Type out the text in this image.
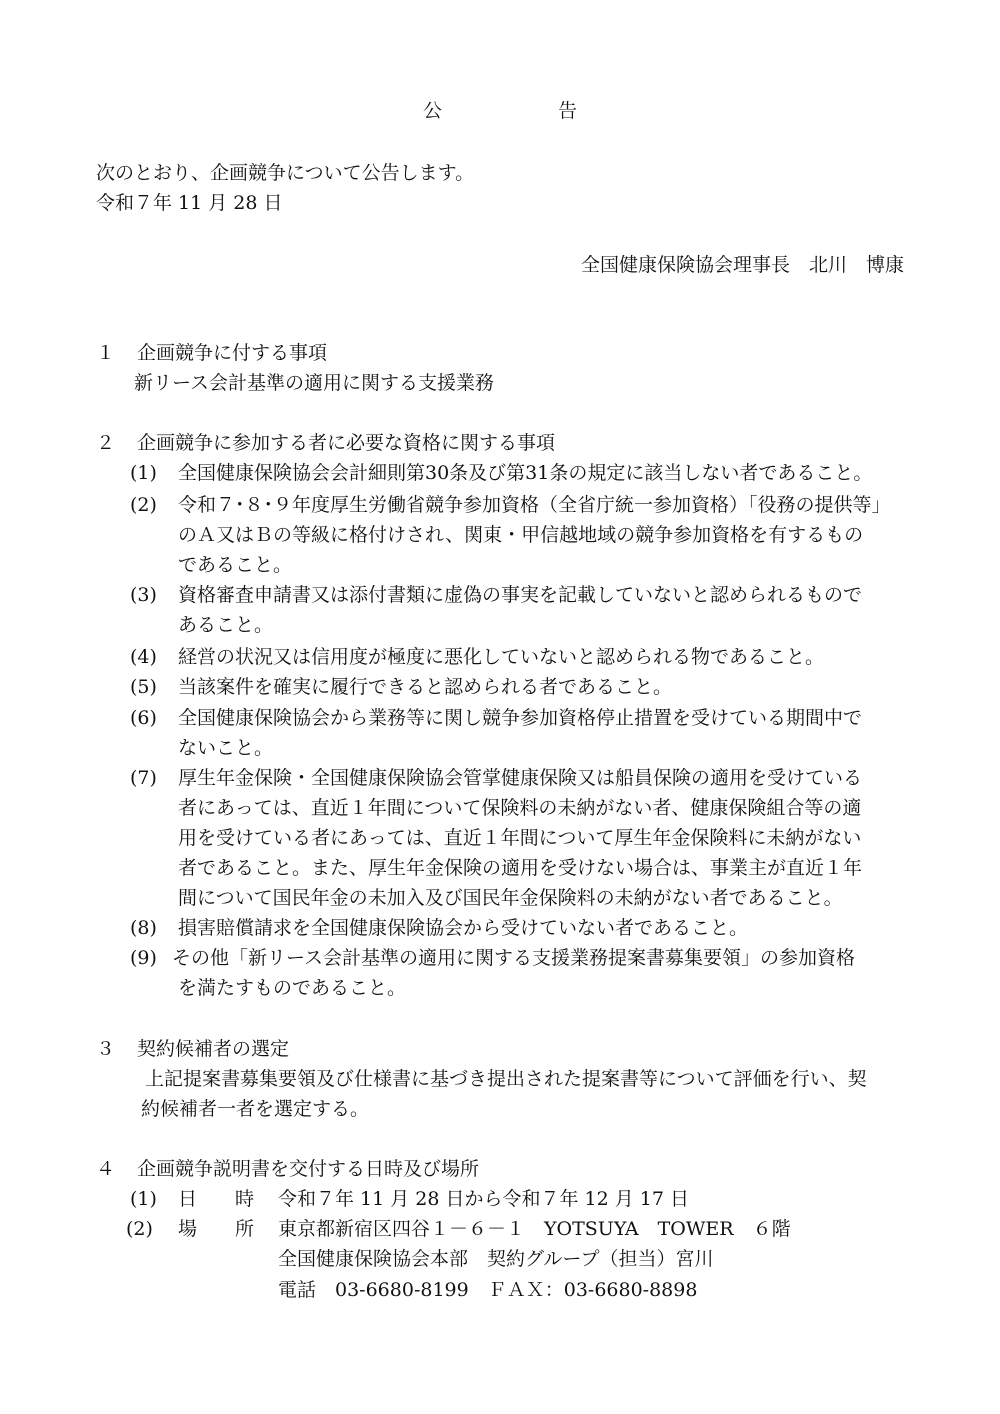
公	告

次のとおり、企画競争について公告します。

令和７年 11 月 28 日

全国健康保険協会理事長　北川　博康

１ 企画競争に付する事項

新リース会計基準の適用に関する支援業務

２ 企画競争に参加する者に必要な資格に関する事項

(1) 全国健康保険協会会計細則第30条及び第31条の規定に該当しない者であること。

(2) 令和７･８･９年度厚生労働省競争参加資格（全省庁統一参加資格）「役務の提供等」

のＡ又はＢの等級に格付けされ、関東・甲信越地域の競争参加資格を有するもの

であること。

(3) 資格審査申請書又は添付書類に虚偽の事実を記載していないと認められるもので

あること。

(4) 経営の状況又は信用度が極度に悪化していないと認められる物であること。

(5) 当該案件を確実に履行できると認められる者であること。

(6) 全国健康保険協会から業務等に関し競争参加資格停止措置を受けている期間中で

ないこと。

(7) 厚生年金保険・全国健康保険協会管掌健康保険又は船員保険の適用を受けている

者にあっては、直近１年間について保険料の未納がない者、健康保険組合等の適

用を受けている者にあっては、直近１年間について厚生年金保険料に未納がない

者であること。また、厚生年金保険の適用を受けない場合は、事業主が直近１年

間について国民年金の未加入及び国民年金保険料の未納がない者であること。

(8) 損害賠償請求を全国健康保険協会から受けていない者であること。

(9) その他「新リース会計基準の適用に関する支援業務提案書募集要領」の参加資格

を満たすものであること。

３ 契約候補者の選定

上記提案書募集要領及び仕様書に基づき提出された提案書等について評価を行い、契

約候補者一者を選定する。

４ 企画競争説明書を交付する日時及び場所

(1) 日　　時 令和７年 11 月 28 日から令和７年 12 月 17 日

(2) 場　　所 東京都新宿区四谷１－６－１　YOTSUYA　TOWER　６階

全国健康保険協会本部　契約グループ（担当）宮川

電話　03-6680-8199　ＦＡＸ：03-6680-8898
